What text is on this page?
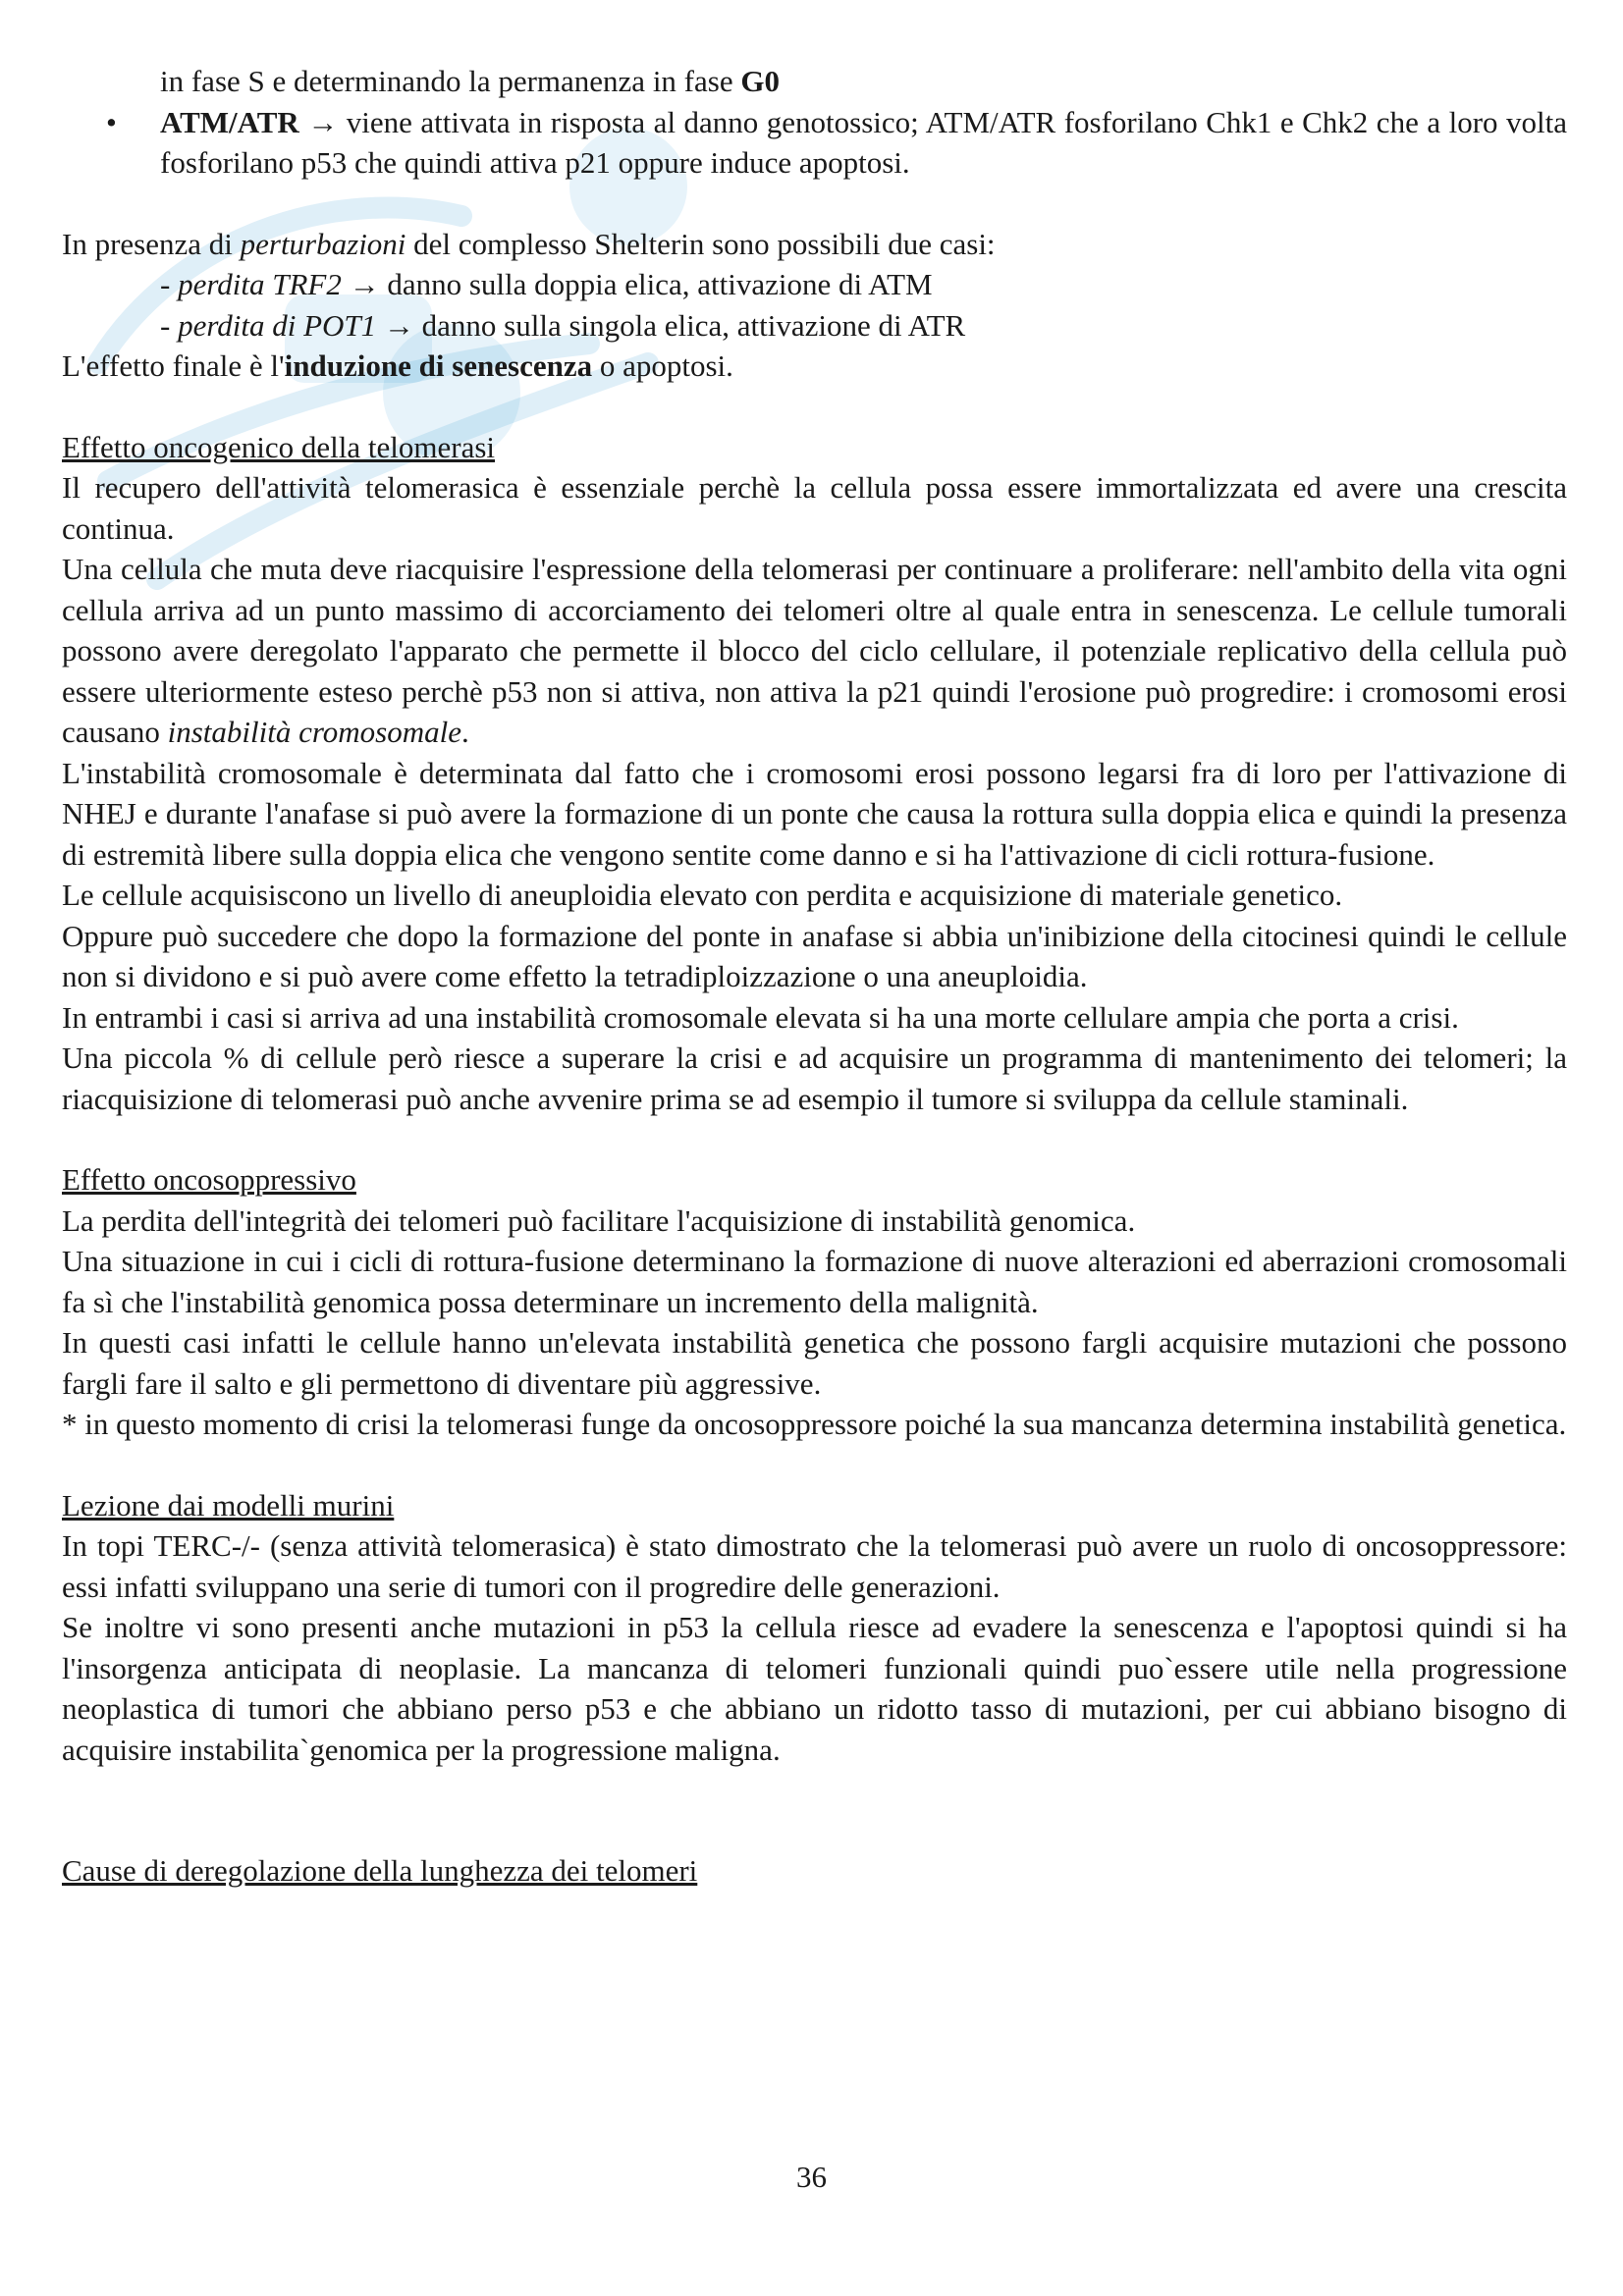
in fase S e determinando la permanenza in fase G0

• ATM/ATR → viene attivata in risposta al danno genotossico; ATM/ATR fosforilano Chk1 e Chk2 che a loro volta fosforilano p53 che quindi attiva p21 oppure induce apoptosi.

In presenza di perturbazioni del complesso Shelterin sono possibili due casi:

- perdita TRF2 → danno sulla doppia elica, attivazione di ATM

- perdita di POT1 → danno sulla singola elica, attivazione di ATR

L'effetto finale è l'induzione di senescenza o apoptosi.

Effetto oncogenico della telomerasi

Il recupero dell'attività telomerasica è essenziale perchè la cellula possa essere immortalizzata ed avere una crescita continua.

Una cellula che muta deve riacquisire l'espressione della telomerasi per continuare a proliferare: nell'ambito della vita ogni cellula arriva ad un punto massimo di accorciamento dei telomeri oltre al quale entra in senescenza. Le cellule tumorali possono avere deregolato l'apparato che permette il blocco del ciclo cellulare, il potenziale replicativo della cellula può essere ulteriormente esteso perchè p53 non si attiva, non attiva la p21 quindi l'erosione può progredire: i cromosomi erosi causano instabilità cromosomale.

L'instabilità cromosomale è determinata dal fatto che i cromosomi erosi possono legarsi fra di loro per l'attivazione di NHEJ e durante l'anafase si può avere la formazione di un ponte che causa la rottura sulla doppia elica e quindi la presenza di estremità libere sulla doppia elica che vengono sentite come danno e si ha l'attivazione di cicli rottura-fusione.

Le cellule acquisiscono un livello di aneuploidia elevato con perdita e acquisizione di materiale genetico.

Oppure può succedere che dopo la formazione del ponte in anafase si abbia un'inibizione della citocinesi quindi le cellule non si dividono e si può avere come effetto la tetradiploizzazione o una aneuploidia.

In entrambi i casi si arriva ad una instabilità cromosomale elevata si ha una morte cellulare ampia che porta a crisi.

Una piccola % di cellule però riesce a superare la crisi e ad acquisire un programma di mantenimento dei telomeri; la riacquisizione di telomerasi può anche avvenire prima se ad esempio il tumore si sviluppa da cellule staminali.

Effetto oncosoppressivo

La perdita dell'integrità dei telomeri può facilitare l'acquisizione di instabilità genomica.

Una situazione in cui i cicli di rottura-fusione determinano la formazione di nuove alterazioni ed aberrazioni cromosomali fa sì che l'instabilità genomica possa determinare un incremento della malignità.

In questi casi infatti le cellule hanno un'elevata instabilità genetica che possono fargli acquisire mutazioni che possono fargli fare il salto e gli permettono di diventare più aggressive.

* in questo momento di crisi la telomerasi funge da oncosoppressore poiché la sua mancanza determina instabilità genetica.

Lezione dai modelli murini

In topi TERC-/- (senza attività telomerasica) è stato dimostrato che la telomerasi può avere un ruolo di oncosoppressore: essi infatti sviluppano una serie di tumori con il progredire delle generazioni.

Se inoltre vi sono presenti anche mutazioni in p53 la cellula riesce ad evadere la senescenza e l'apoptosi quindi si ha l'insorgenza anticipata di neoplasie. La mancanza di telomeri funzionali quindi puo`essere utile nella progressione neoplastica di tumori che abbiano perso p53 e che abbiano un ridotto tasso di mutazioni, per cui abbiano bisogno di acquisire instabilita`genomica per la progressione maligna.

Cause di deregolazione della lunghezza dei telomeri

36
